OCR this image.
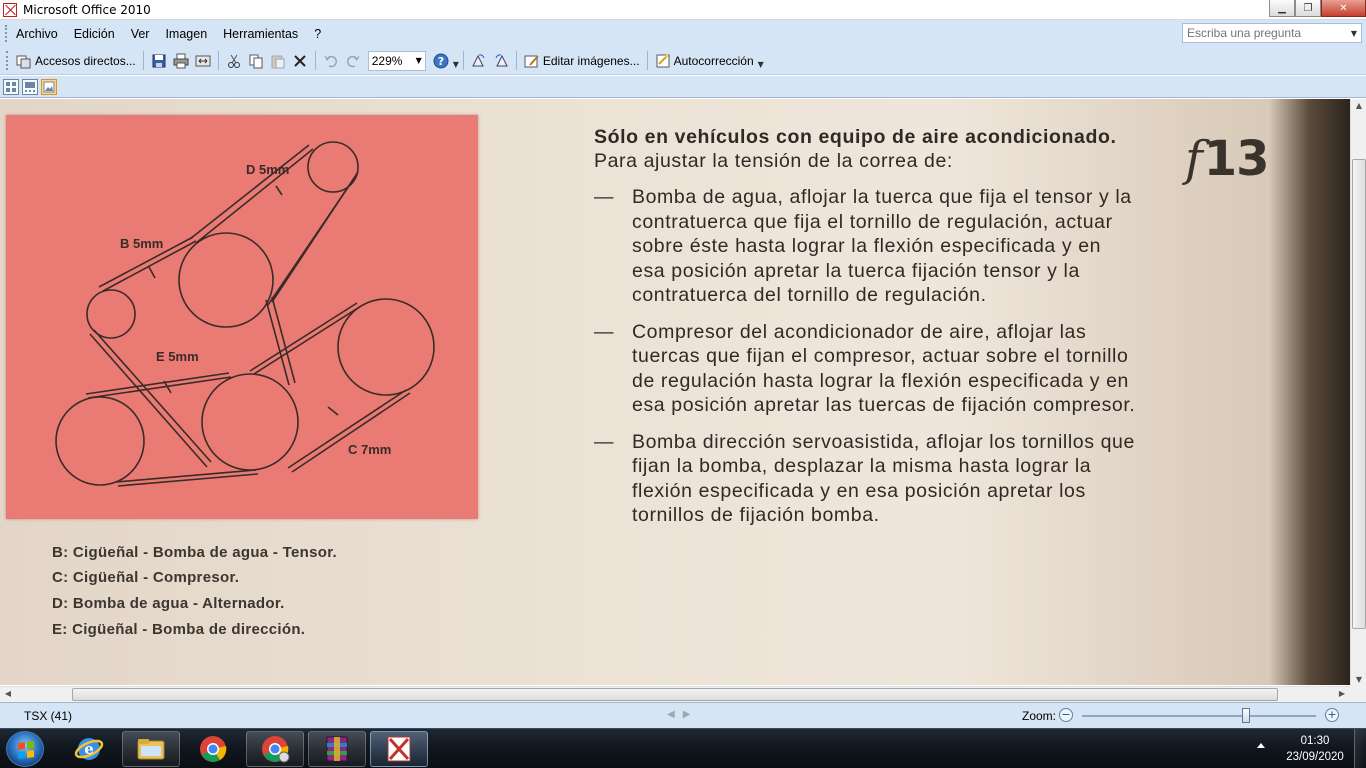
Microsoft Office 2010	▁	❐	✕
Archivo	Edición	Ver	Imagen	Herramientas	?
Escriba una pregunta	▼
Accesos directos...	229%	▼ ? ▼	Editar imágenes...	Autocorrección ▼
D 5mm
B 5mm
E 5mm
C 7mm
B: Cigüeñal - Bomba de agua - Tensor.
C: Cigüeñal - Compresor.
D: Bomba de agua - Alternador.
E: Cigüeñal - Bomba de dirección.
Sólo en vehículos con equipo de aire acondicionado. Para ajustar la tensión de la correa de:
— Bomba de agua, aflojar la tuerca que fija el tensor y la contratuerca que fija el tornillo de regulación, actuar sobre éste hasta lograr la flexión especificada y en esa posición apretar la tuerca fijación tensor y la contratuerca del tornillo de regulación.
— Compresor del acondicionador de aire, aflojar las tuercas que fijan el compresor, actuar sobre el tornillo de regulación hasta lograr la flexión especificada y en esa posición apretar las tuercas de fijación compresor.
— Bomba dirección servoasistida, aflojar los tornillos que fijan la bomba, desplazar la misma hasta lograr la flexión especificada y en esa posición apretar los tornillos de fijación bomba.
f13
▲
▼
◀	▶
TSX (41)	◀▶	Zoom: −	+
e	01:30
23/09/2020
